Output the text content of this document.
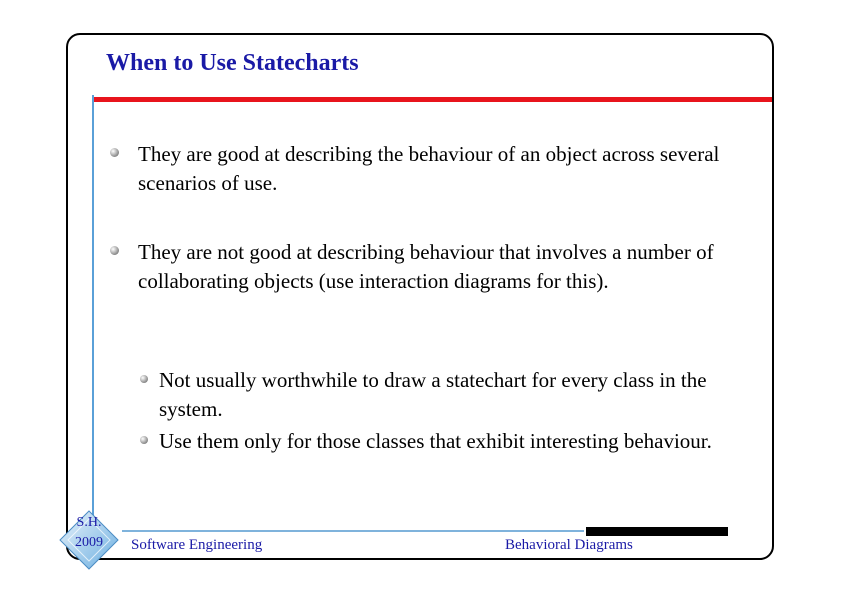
When to Use Statecharts
They are good at describing the behaviour of an object across several scenarios of use.
They are not good at describing behaviour that involves a number of collaborating objects (use interaction diagrams for this).
Not usually worthwhile to draw a statechart for every class in the system.
Use them only for those classes that exhibit interesting behaviour.
S.H.
2009	Software Engineering	Behavioral Diagrams
